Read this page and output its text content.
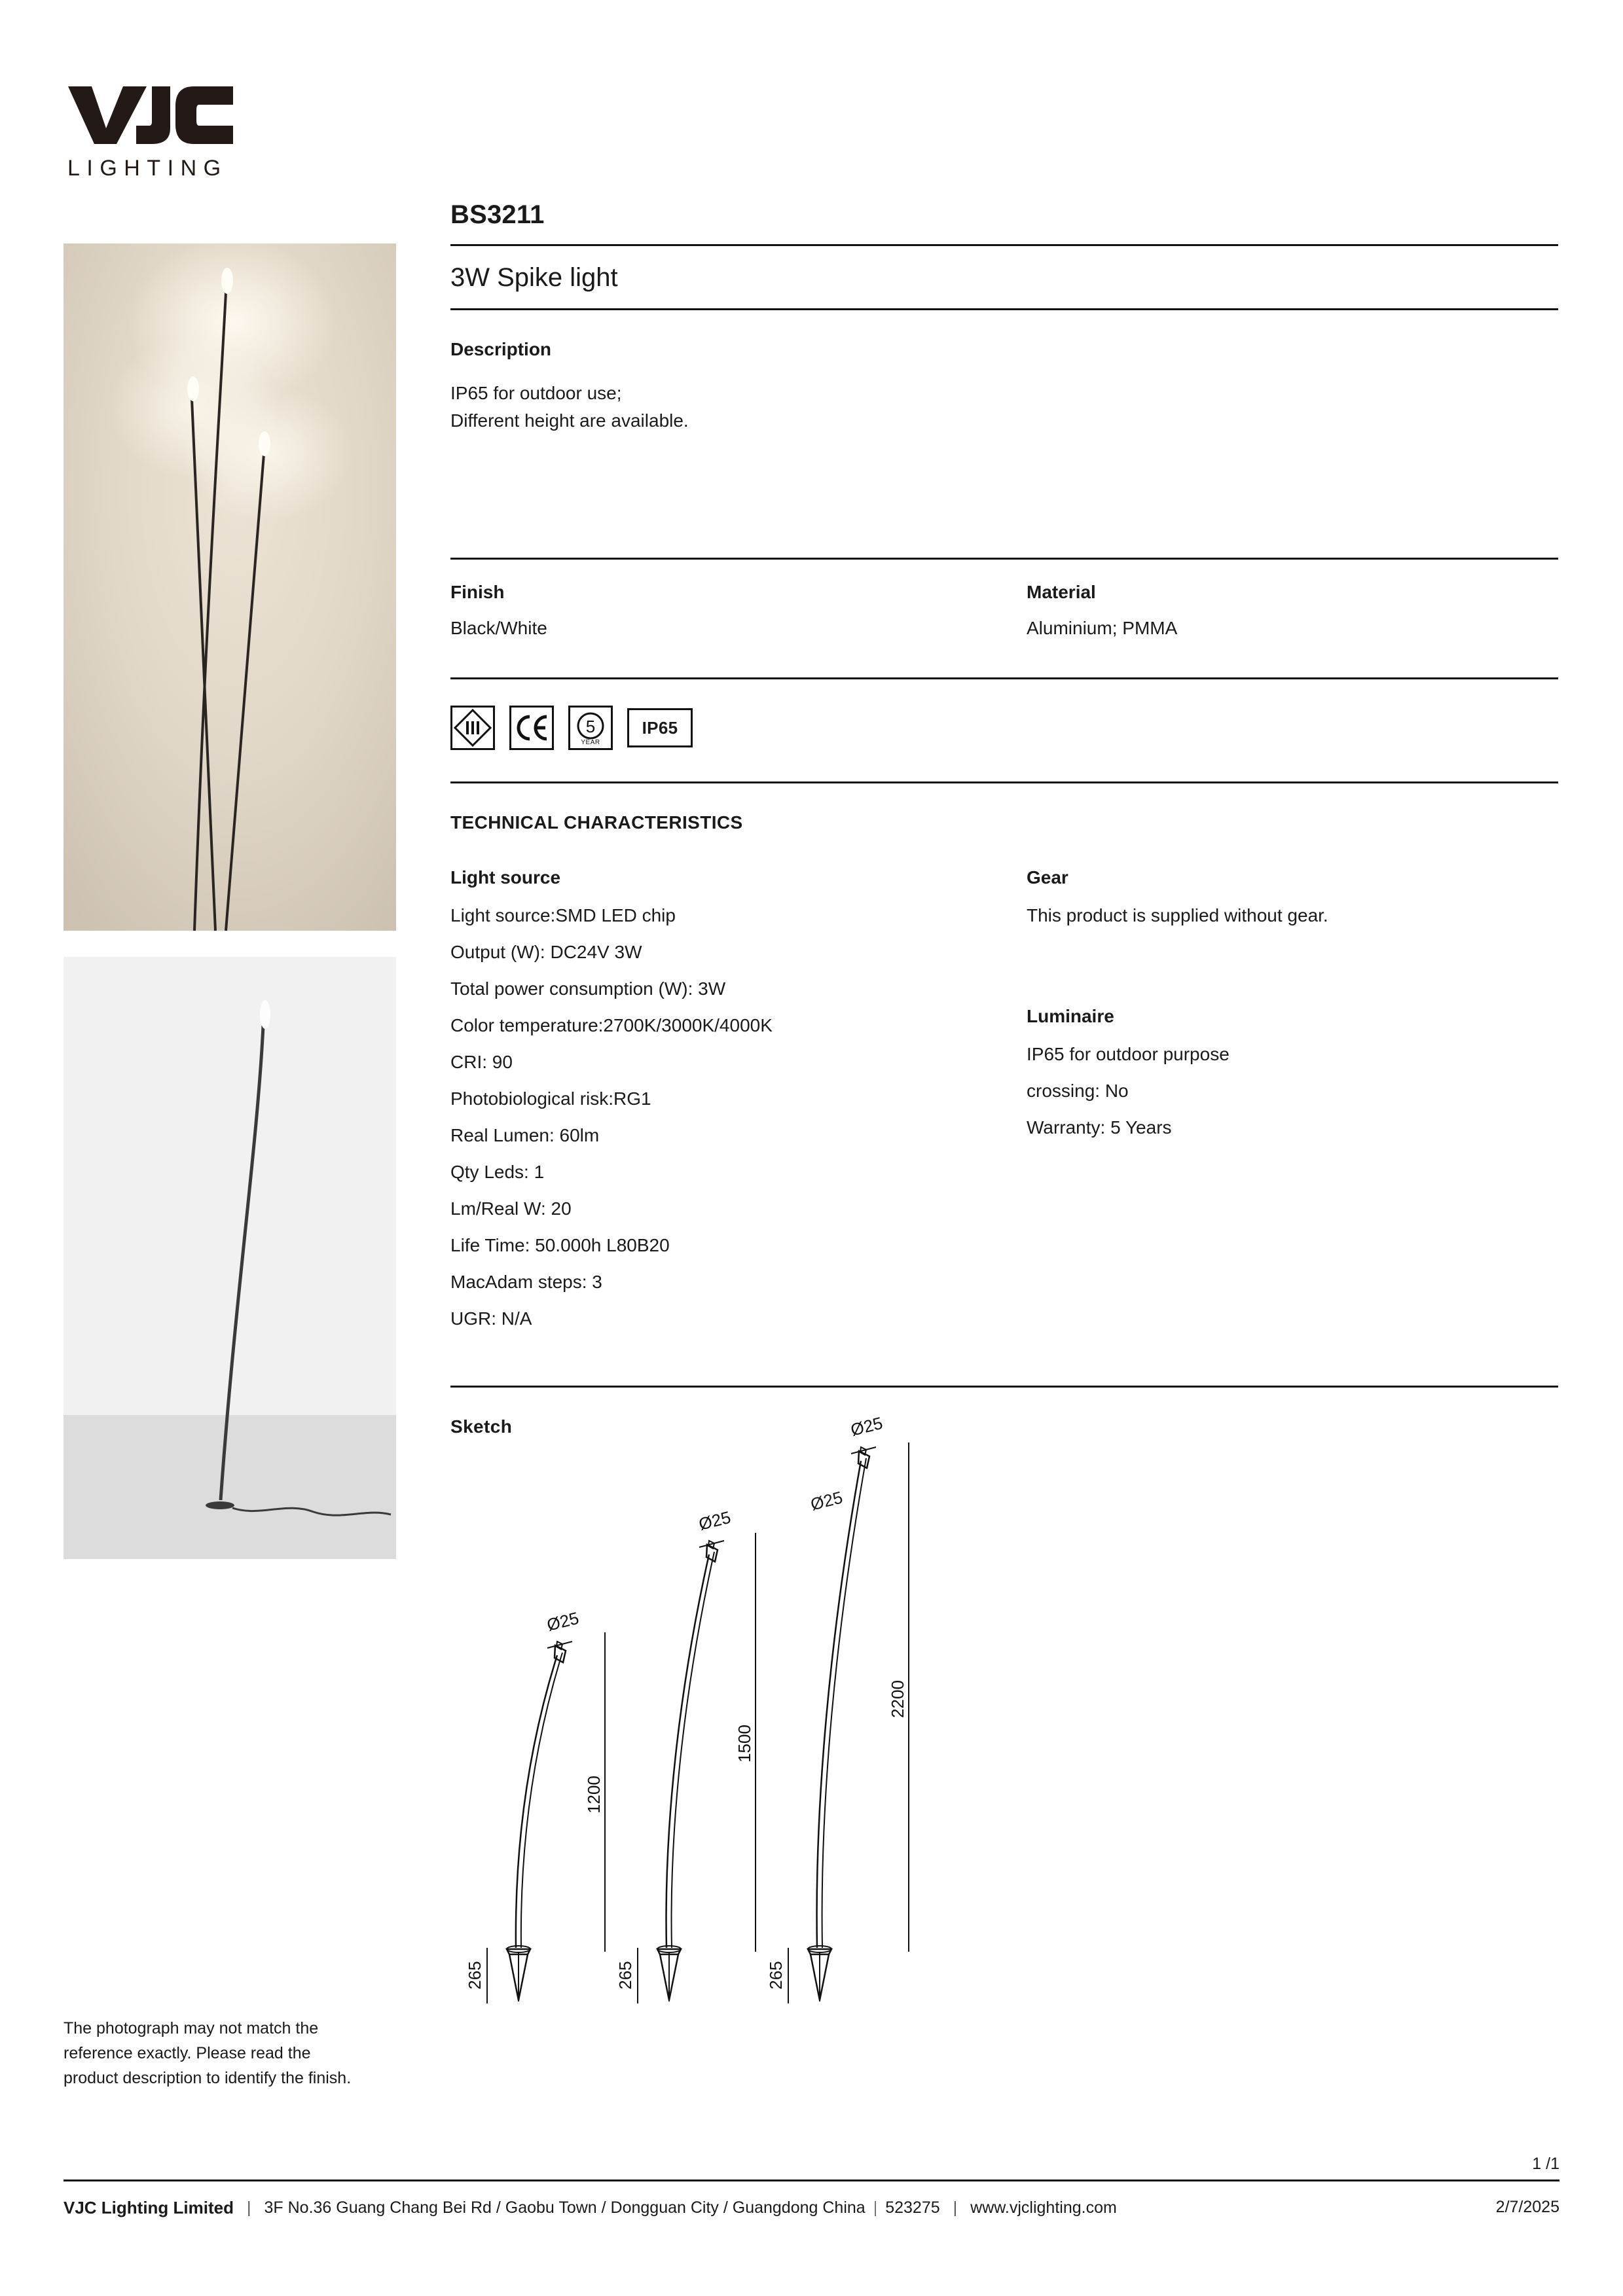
LIGHTING
The photograph may not match the
reference exactly. Please read the
product description to identify the finish.
BS3211
3W Spike light
Description
IP65 for outdoor use;
Different height are available.
Finish
Black/White
Material
Aluminium; PMMA
5
YEAR
IP65
TECHNICAL CHARACTERISTICS
Light source
Light source:SMD LED chip
Output (W): DC24V 3W
Total power consumption (W): 3W
Color temperature:2700K/3000K/4000K
CRI: 90
Photobiological risk:RG1
Real Lumen: 60lm
Qty Leds: 1
Lm/Real W: 20
Life Time: 50.000h L80B20
MacAdam steps: 3
UGR: N/A
Gear
This product is supplied without gear.
Luminaire
IP65 for outdoor purpose
crossing: No
Warranty: 5 Years
Sketch
Ø25
1200
265
Ø25
1500
265
Ø25
2200
265
Ø25
1 /1
VJC Lighting Limited | 3F No.36 Guang Chang Bei Rd / Gaobu Town / Dongguan City / Guangdong China | 523275 | www.vjclighting.com	2/7/2025
